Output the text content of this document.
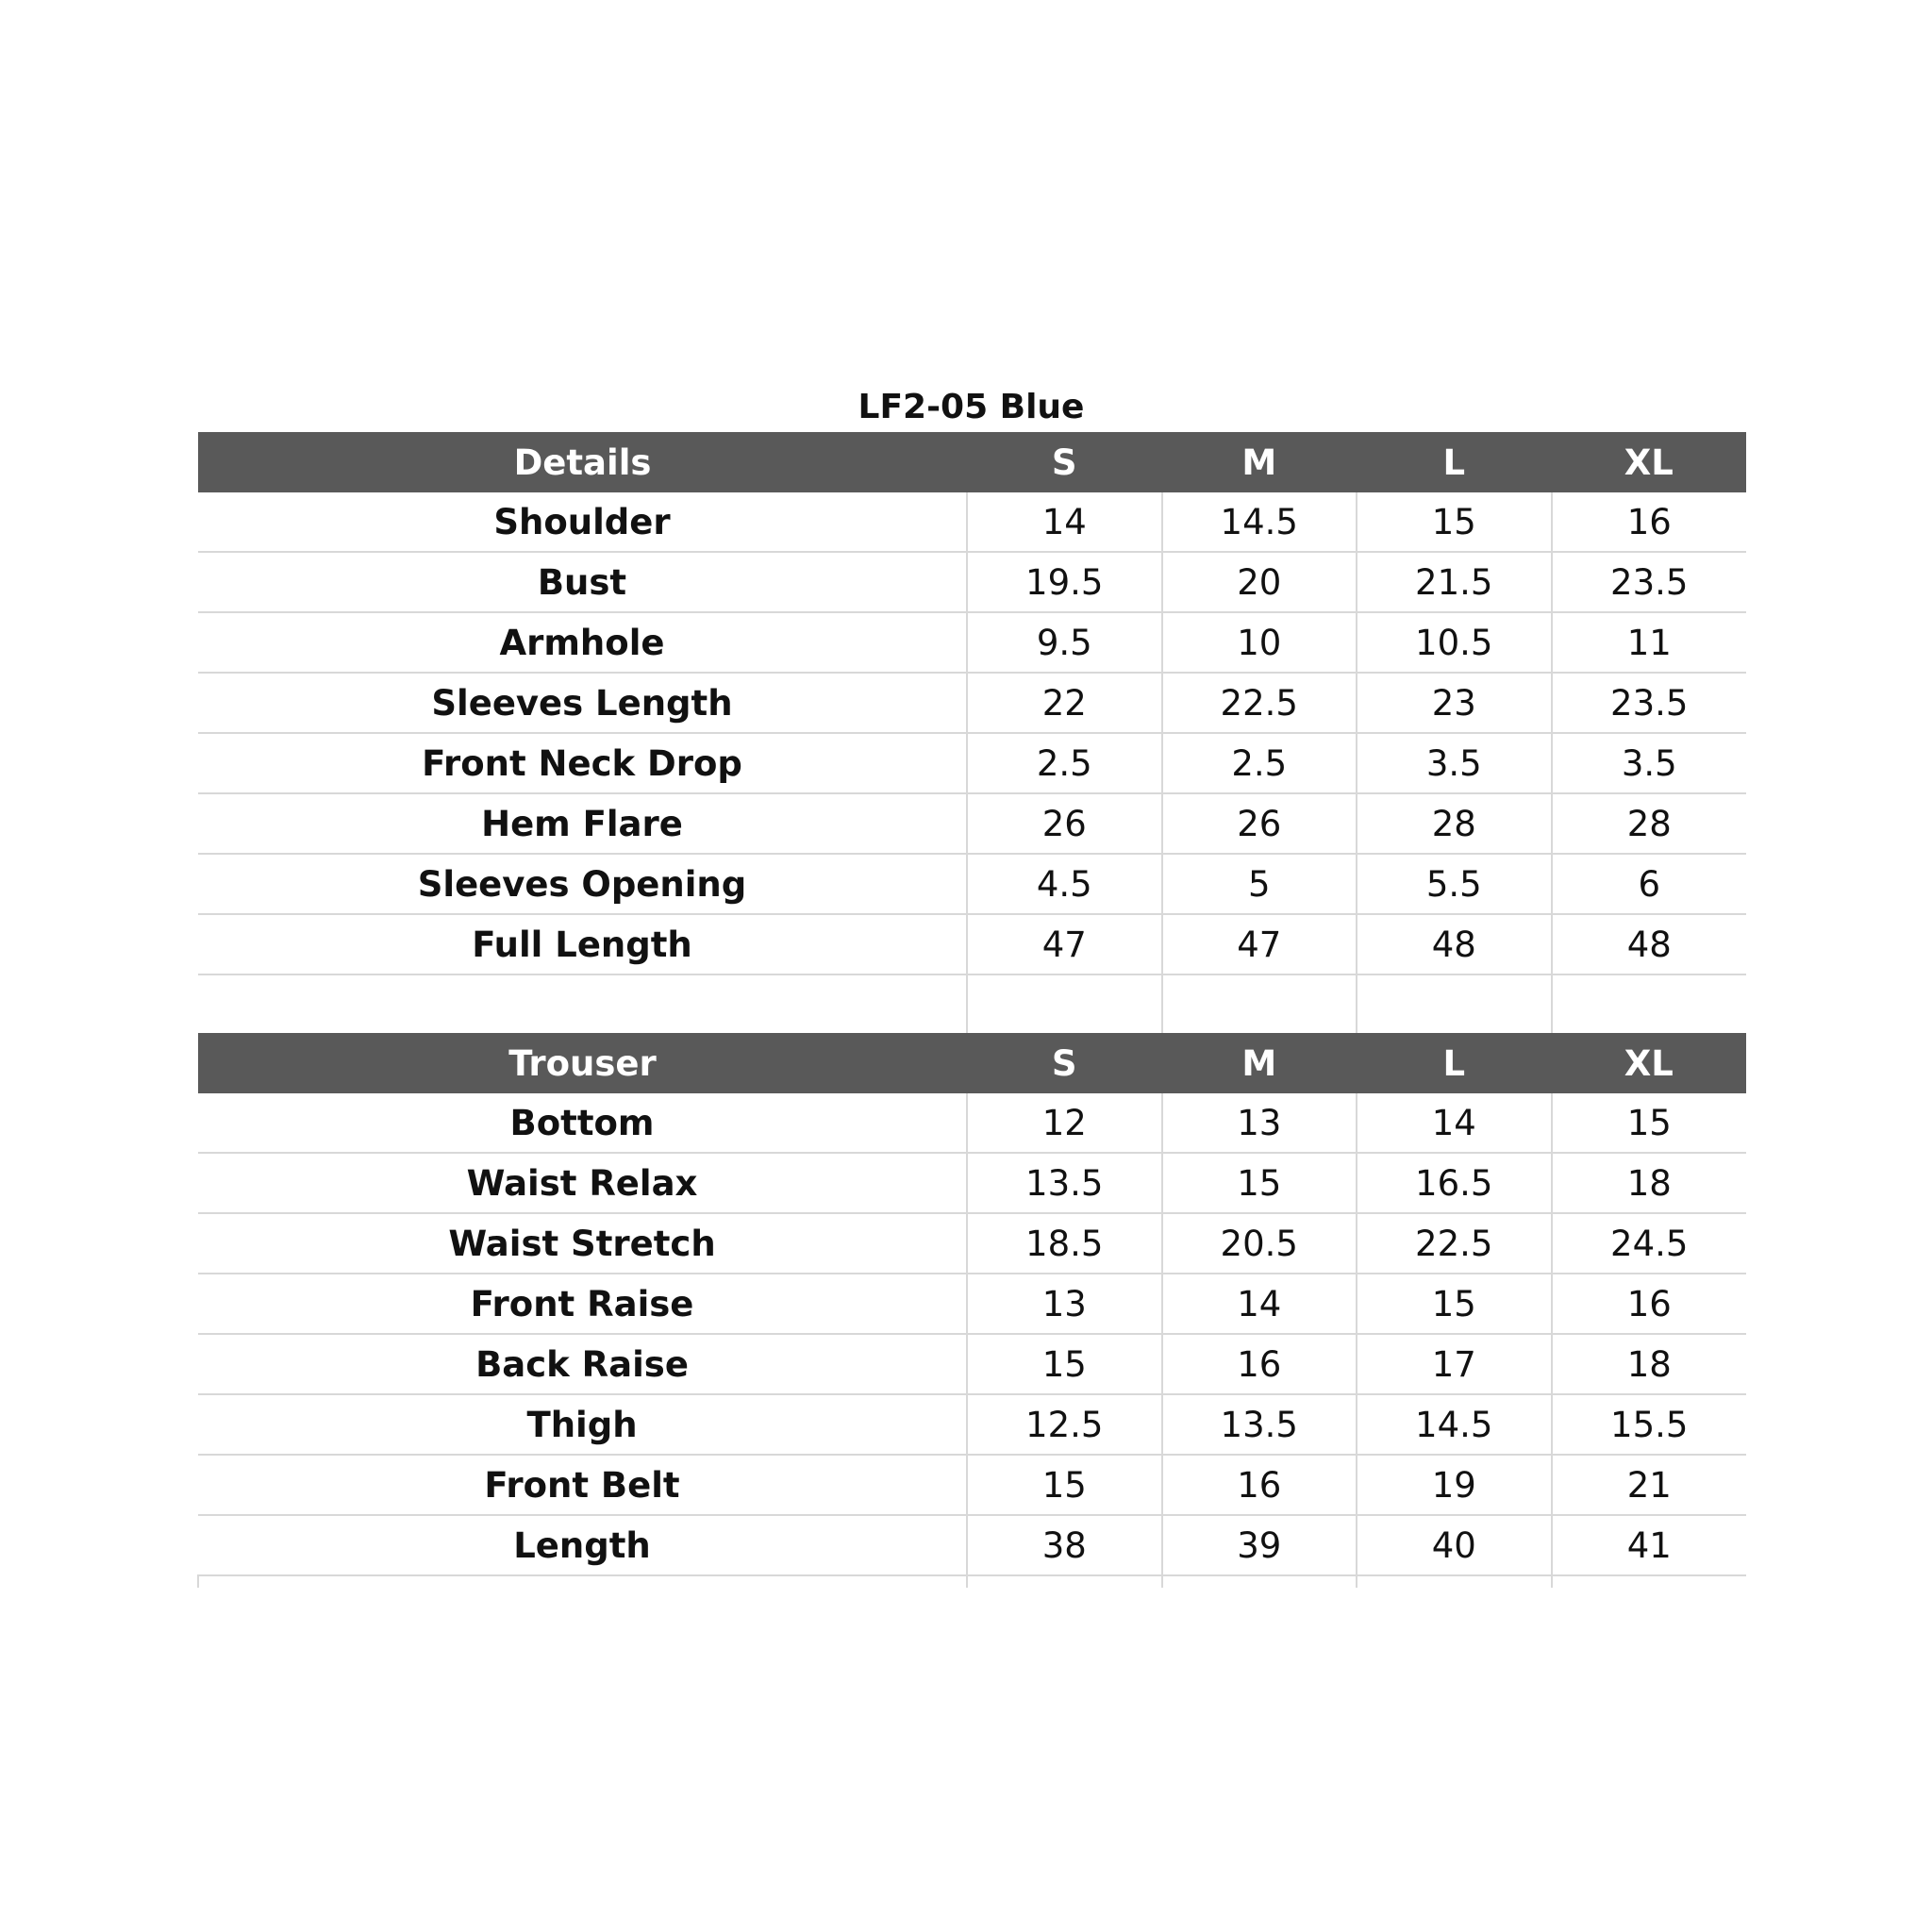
LF2-05 Blue
Details	S	M	L	XL
Shoulder	14	14.5	15	16
Bust	19.5	20	21.5	23.5
Armhole	9.5	10	10.5	11
Sleeves Length	22	22.5	23	23.5
Front Neck Drop	2.5	2.5	3.5	3.5
Hem Flare	26	26	28	28
Sleeves Opening	4.5	5	5.5	6
Full Length	47	47	48	48

Trouser	S	M	L	XL
Bottom	12	13	14	15
Waist Relax	13.5	15	16.5	18
Waist Stretch	18.5	20.5	22.5	24.5
Front Raise	13	14	15	16
Back Raise	15	16	17	18
Thigh	12.5	13.5	14.5	15.5
Front Belt	15	16	19	21
Length	38	39	40	41
